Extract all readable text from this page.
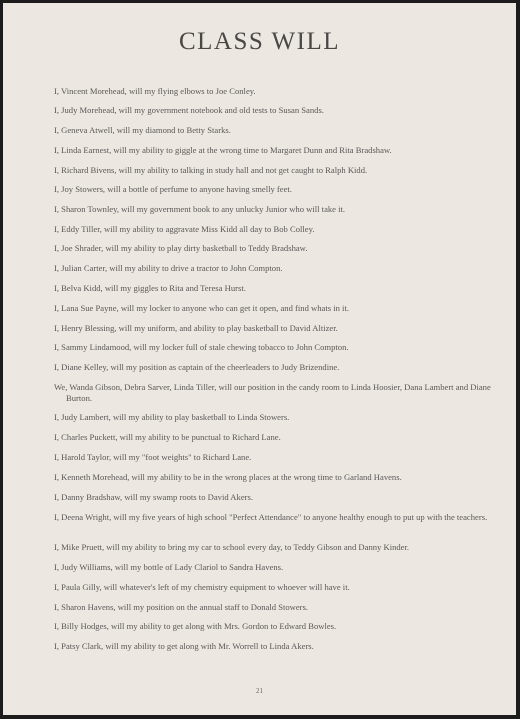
CLASS WILL
I, Vincent Morehead, will my flying elbows to Joe Conley.
I, Judy Morehead, will my government notebook and old tests to Susan Sands.
I, Geneva Atwell, will my diamond to Betty Starks.
I, Linda Earnest, will my ability to giggle at the wrong time to Margaret Dunn and Rita Bradshaw.
I, Richard Bivens, will my ability to talking in study hall and not get caught to Ralph Kidd.
I, Joy Stowers, will a bottle of perfume to anyone having smelly feet.
I, Sharon Townley, will my government book to any unlucky Junior who will take it.
I, Eddy Tiller, will my ability to aggravate Miss Kidd all day to Bob Colley.
I, Joe Shrader, will my ability to play dirty basketball to Teddy Bradshaw.
I, Julian Carter, will my ability to drive a tractor to John Compton.
I, Belva Kidd, will my giggles to Rita and Teresa Hurst.
I, Lana Sue Payne, will my locker to anyone who can get it open, and find whats in it.
I, Henry Blessing, will my uniform, and ability to play basketball to David Altizer.
I, Sammy Lindamood, will my locker full of stale chewing tobacco to John Compton.
I, Diane Kelley, will my position as captain of the cheerleaders to Judy Brizendine.
We, Wanda Gibson, Debra Sarver, Linda Tiller, will our position in the candy room to Linda Hoosier, Dana Lambert and Diane Burton.
I, Judy Lambert, will my ability to play basketball to Linda Stowers.
I, Charles Puckett, will my ability to be punctual to Richard Lane.
I, Harold Taylor, will my "foot weights" to Richard Lane.
I, Kenneth Morehead, will my ability to be in the wrong places at the wrong time to Garland Havens.
I, Danny Bradshaw, will my swamp roots to David Akers.
I, Deena Wright, will my five years of high school "Perfect Attendance" to anyone healthy enough to put up with the teachers.
I, Mike Pruett, will my ability to bring my car to school every day, to Teddy Gibson and Danny Kinder.
I, Judy Williams, will my bottle of Lady Clariol to Sandra Havens.
I, Paula Gilly, will whatever's left of my chemistry equipment to whoever will have it.
I, Sharon Havens, will my position on the annual staff to Donald Stowers.
I, Billy Hodges, will my ability to get along with Mrs. Gordon to Edward Bowles.
I, Patsy Clark, will my ability to get along with Mr. Worrell to Linda Akers.
21
